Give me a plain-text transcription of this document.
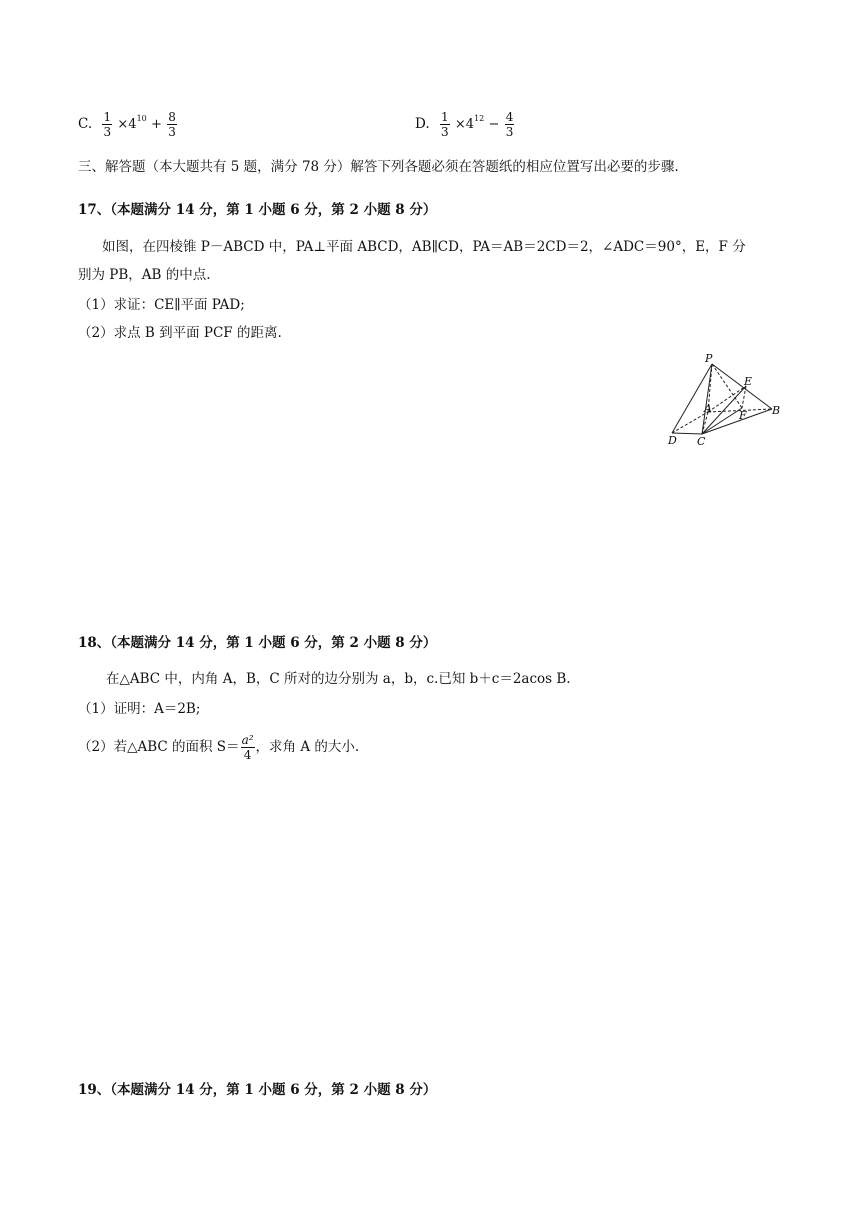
C. $\frac{1}{3} \times 4^{10} + \frac{8}{3}$	D. $\frac{1}{3} \times 4^{12} - \frac{4}{3}$
三、解答题（本大题共有 5 题，满分 78 分）解答下列各题必须在答题纸的相应位置写出必要的步骤.
17、（本题满分 14 分，第 1 小题 6 分，第 2 小题 8 分）
如图，在四棱锥 P－ABCD 中，PA⊥平面 ABCD，AB∥CD，PA＝AB＝2CD＝2，∠ADC＝90°，E，F 分
别为 PB，AB 的中点.
（1）求证：CE∥平面 PAD;
（2）求点 B 到平面 PCF 的距离.
P
E
A
F B
D C
18、（本题满分 14 分，第 1 小题 6 分，第 2 小题 8 分）
在△ABC 中，内角 A，B，C 所对的边分别为 a，b，c.已知 b＋c＝2acos B.
（1）证明：A＝2B;
（2）若△ABC 的面积 $S= \frac{\text{a²}}{4}$ ，求角 A 的大小.
19、（本题满分 14 分，第 1 小题 6 分，第 2 小题 8 分）
